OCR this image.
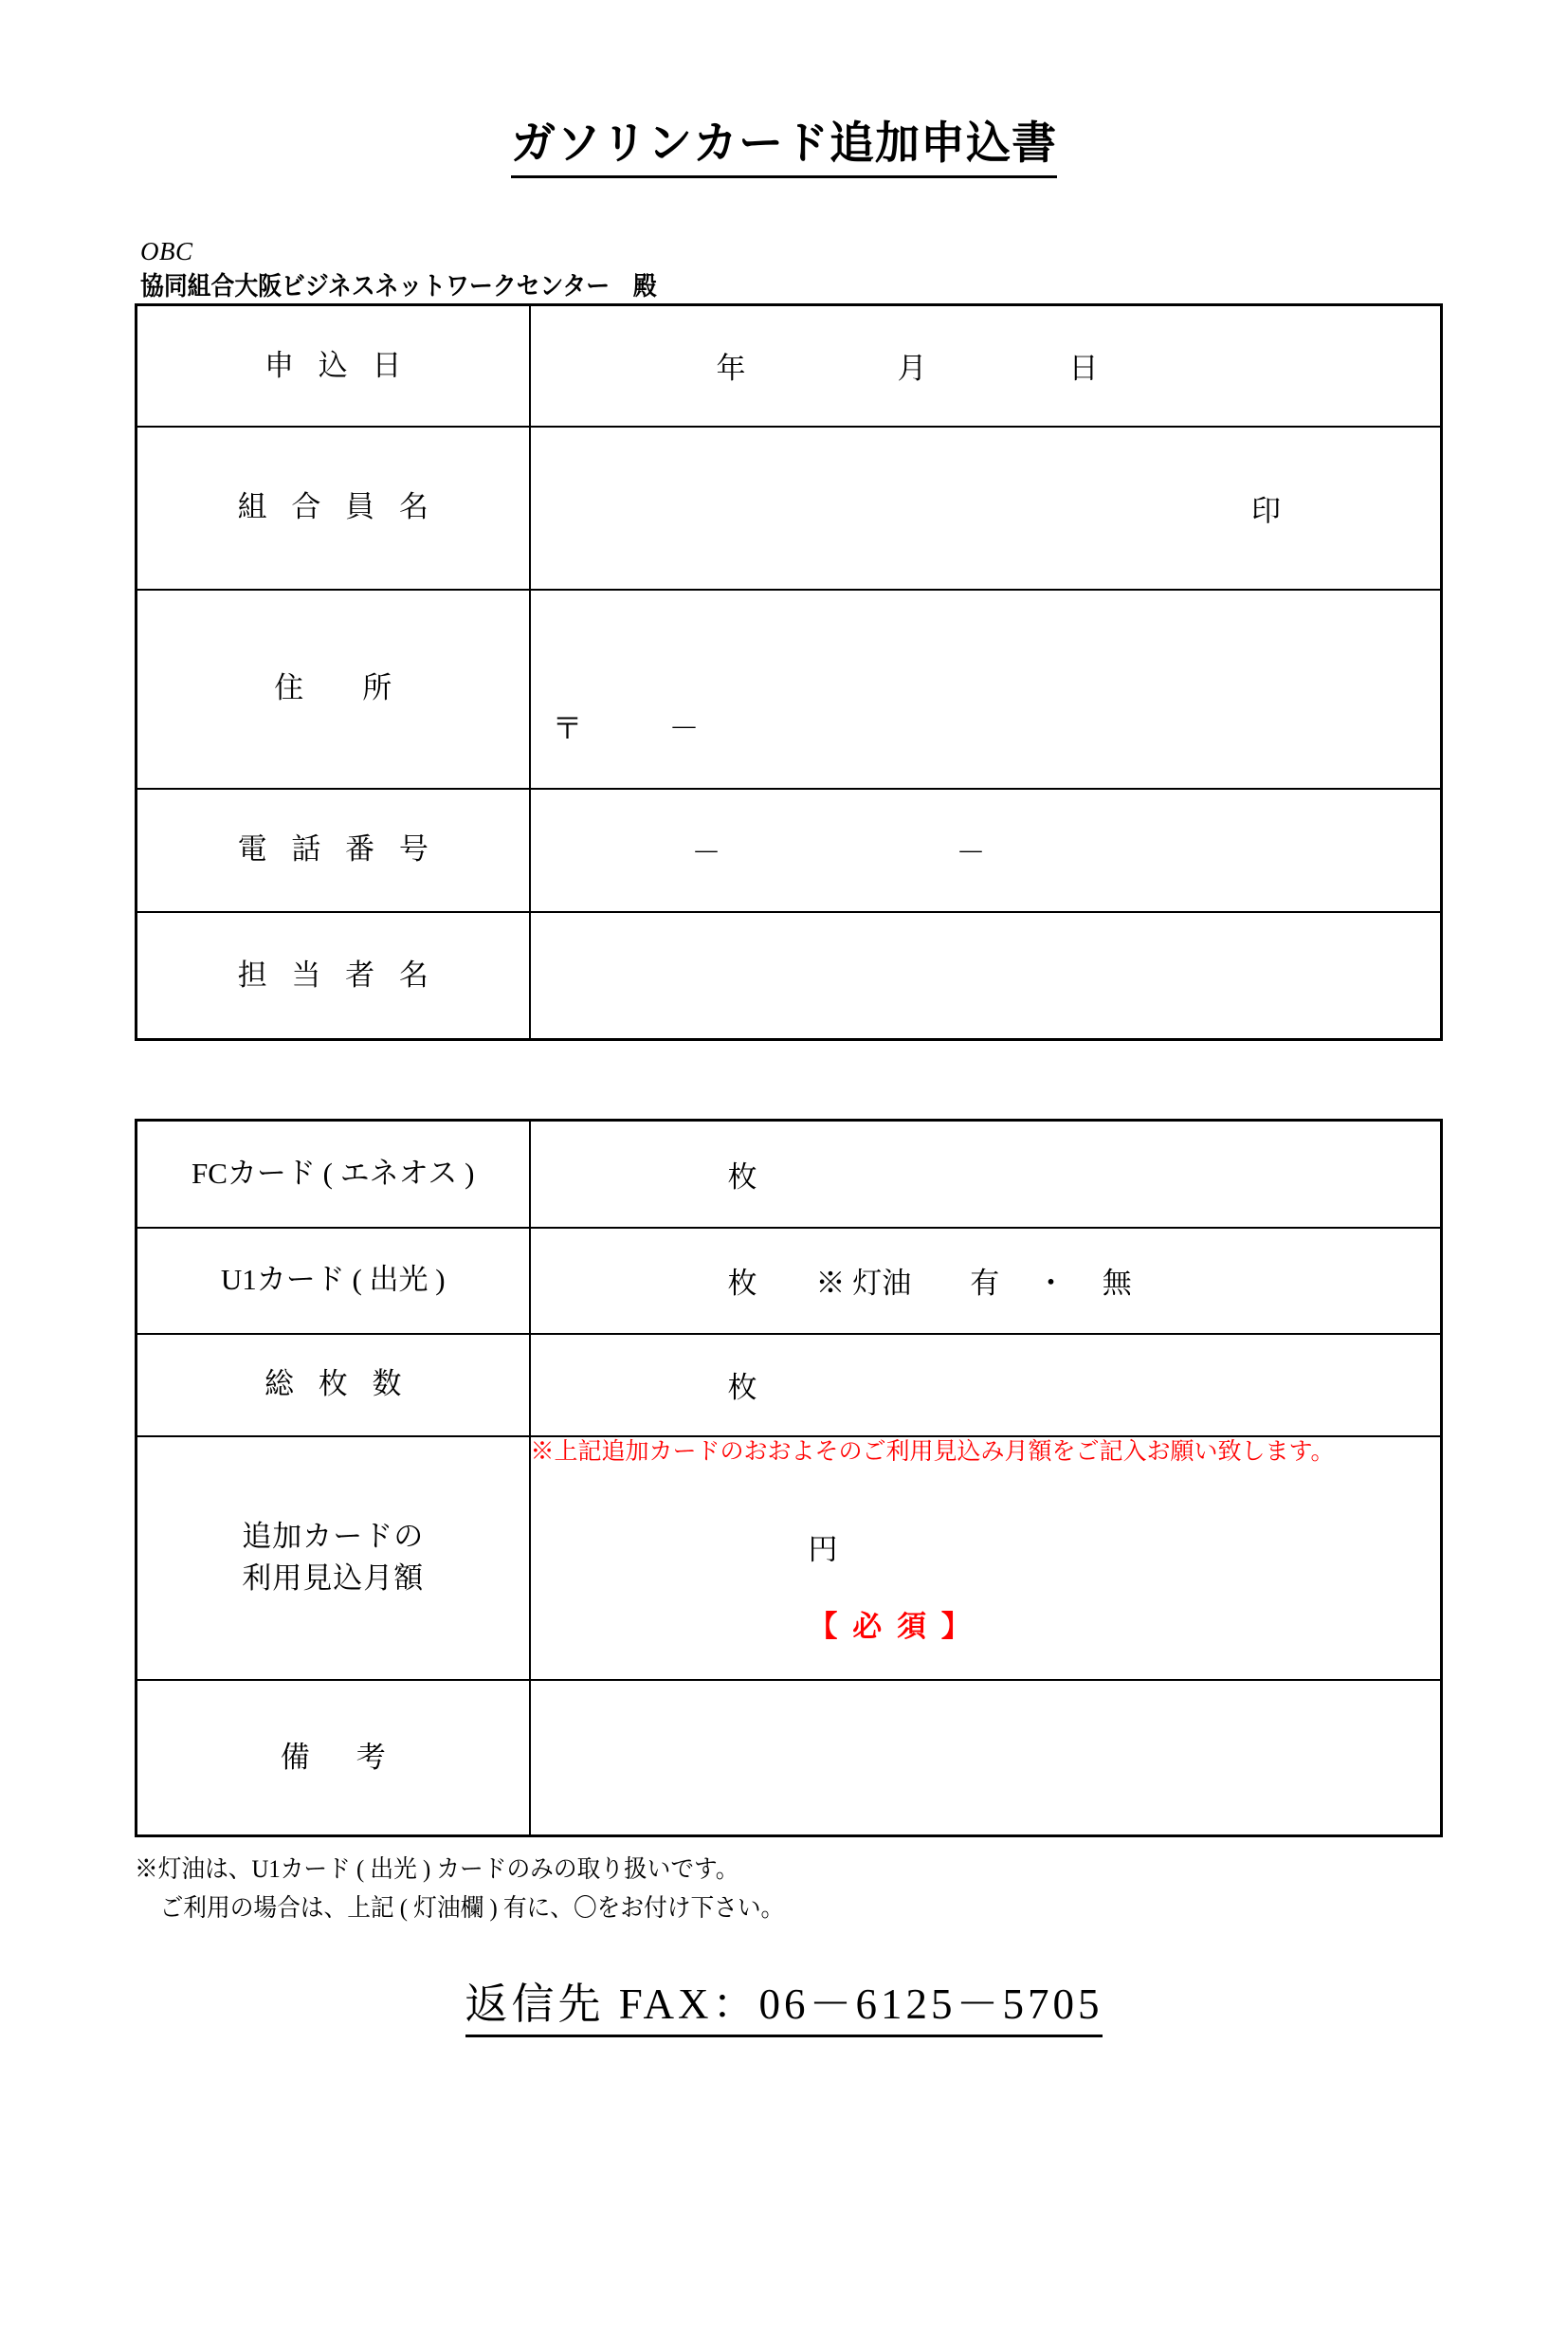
ガソリンカード追加申込書
OBC
協同組合大阪ビジネスネットワークセンター　殿
申 込 日	年 月 日

組 合 員 名	印

住　　所	〒 －

電 話 番 号	－　　　　　　　　－

担 当 者 名	

FCカード ( エネオス )	枚

U1カード ( 出光 )	枚　　※ 灯油　　有　 ・　 無

総 枚 数	枚

追加カードの
利用見込月額

※上記追加カードのおおよそのご利用見込み月額をご記入お願い致します。

円

【 必 須 】

備　考	

※灯油は、U1カード ( 出光 ) カードのみの取り扱いです。
ご利用の場合は、上記 ( 灯油欄 ) 有に、〇をお付け下さい。
返信先 FAX：06－6125－5705
